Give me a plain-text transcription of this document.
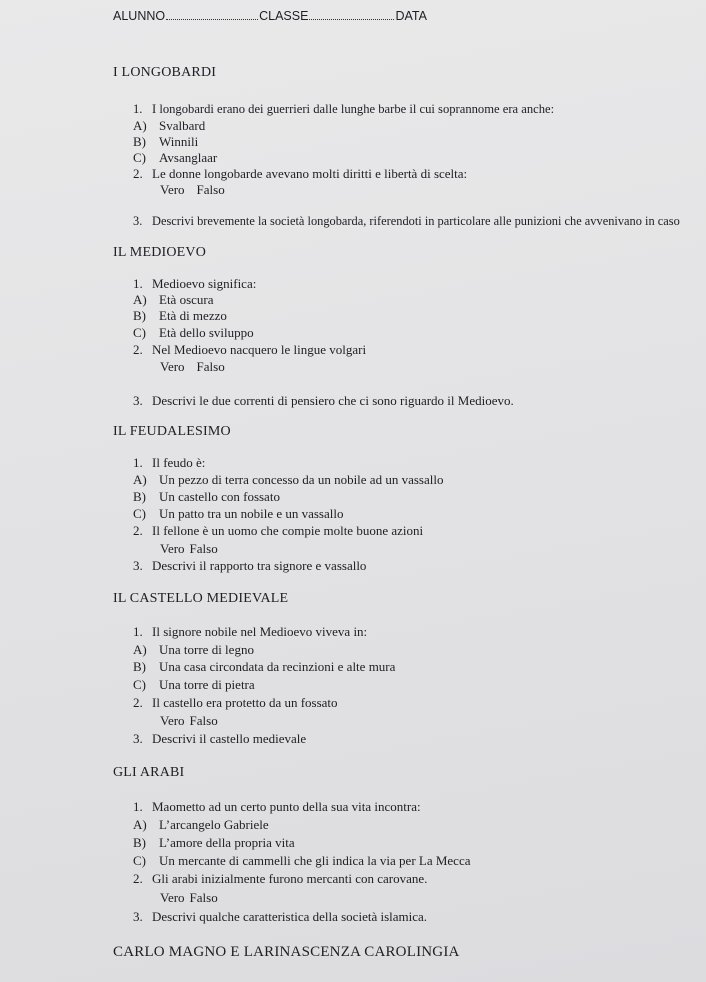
ALUNNO	CLASSE	DATA
I LONGOBARDI
1. I longobardi erano dei guerrieri dalle lunghe barbe il cui soprannome era anche:
A) Svalbard
B)	Winnili
C)	Avsanglaar
2. Le donne longobarde avevano molti diritti e libertà di scelta:
Vero Falso
3. Descrivi brevemente la società longobarda, riferendoti in particolare alle punizioni che avvenivano in caso
IL MEDIOEVO
1. Medioevo significa:
A) Età oscura
B)	Età di mezzo
C)	Età dello sviluppo
2. Nel Medioevo nacquero le lingue volgari
Vero Falso
3. Descrivi le due correnti di pensiero che ci sono riguardo il Medioevo.
IL FEUDALESIMO
1. Il feudo è:
A) Un pezzo di terra concesso da un nobile ad un vassallo
B)	Un castello con fossato
C)	Un patto tra un nobile e un vassallo
2. Il fellone è un uomo che compie molte buone azioni
Vero Falso
3. Descrivi il rapporto tra signore e vassallo
IL CASTELLO MEDIEVALE
1. Il signore nobile nel Medioevo viveva in:
A) Una torre di legno
B)	Una casa circondata da recinzioni e alte mura
C)	Una torre di pietra
2. Il castello era protetto da un fossato
Vero Falso
3. Descrivi il castello medievale
GLI ARABI
1. Maometto ad un certo punto della sua vita incontra:
A) L’arcangelo Gabriele
B)	L’amore della propria vita
C)	Un mercante di cammelli che gli indica la via per La Mecca
2. Gli arabi inizialmente furono mercanti con carovane.
Vero Falso
3. Descrivi qualche caratteristica della società islamica.
CARLO MAGNO E LARINASCENZA CAROLINGIA
